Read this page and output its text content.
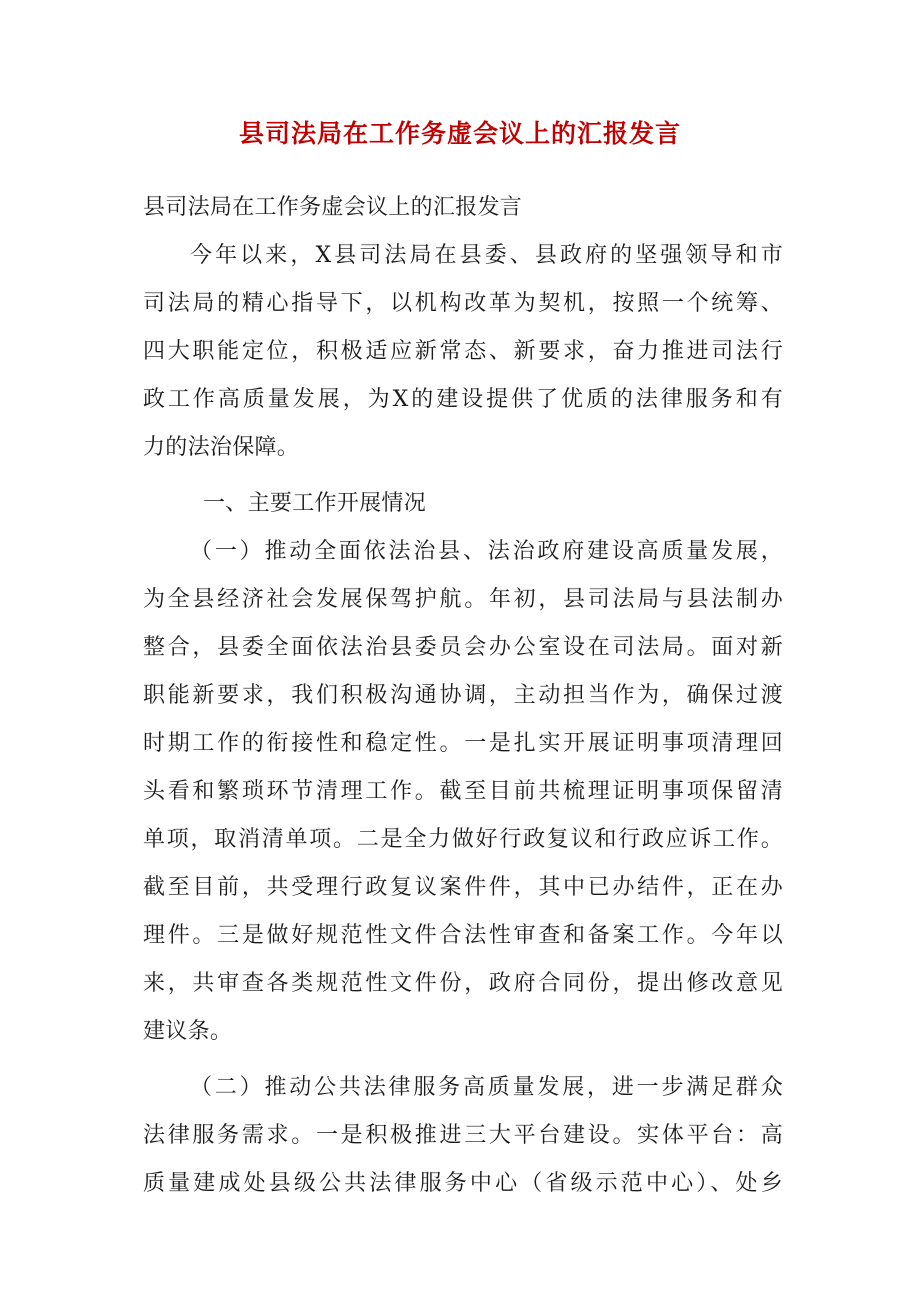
县司法局在工作务虚会议上的汇报发言
县司法局在工作务虚会议上的汇报发言
今年以来，X县司法局在县委、县政府的坚强领导和市
司法局的精心指导下，以机构改革为契机，按照一个统筹、
四大职能定位，积极适应新常态、新要求，奋力推进司法行
政工作高质量发展，为X的建设提供了优质的法律服务和有
力的法治保障。
一、主要工作开展情况
（一）推动全面依法治县、法治政府建设高质量发展，
为全县经济社会发展保驾护航。年初，县司法局与县法制办
整合，县委全面依法治县委员会办公室设在司法局。面对新
职能新要求，我们积极沟通协调，主动担当作为，确保过渡
时期工作的衔接性和稳定性。一是扎实开展证明事项清理回
头看和繁琐环节清理工作。截至目前共梳理证明事项保留清
单项，取消清单项。二是全力做好行政复议和行政应诉工作。
截至目前，共受理行政复议案件件，其中已办结件，正在办
理件。三是做好规范性文件合法性审查和备案工作。今年以
来，共审查各类规范性文件份，政府合同份，提出修改意见
建议条。
（二）推动公共法律服务高质量发展，进一步满足群众
法律服务需求。一是积极推进三大平台建设。实体平台：高
质量建成处县级公共法律服务中心（省级示范中心）、处乡
